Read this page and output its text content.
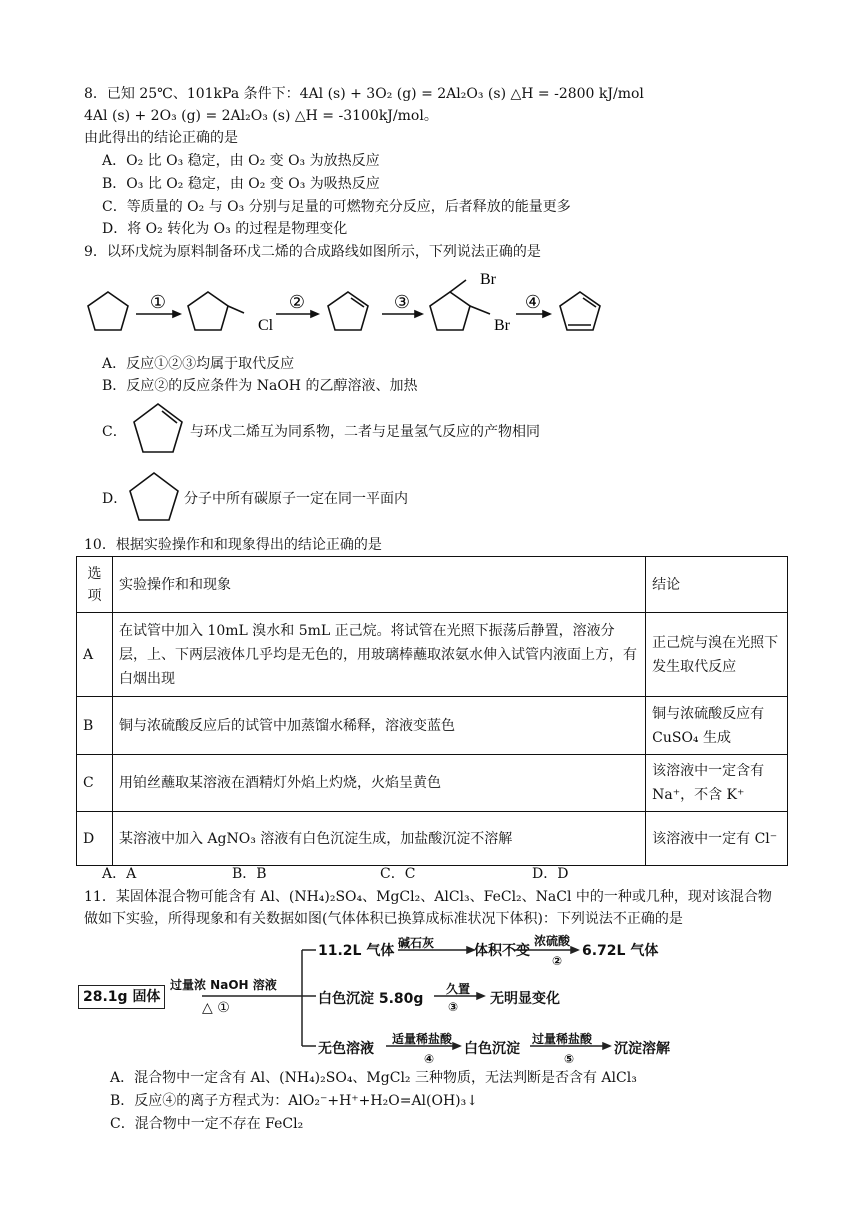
8．已知 25℃、101kPa 条件下：4Al (s) + 3O₂ (g) = 2Al₂O₃ (s) △H = -2800 kJ/mol
4Al (s) + 2O₃ (g) = 2Al₂O₃ (s) △H = -3100kJ/mol。
由此得出的结论正确的是
A．O₂ 比 O₃ 稳定，由 O₂ 变 O₃ 为放热反应
B．O₃ 比 O₂ 稳定，由 O₂ 变 O₃ 为吸热反应
C．等质量的 O₂ 与 O₃ 分别与足量的可燃物充分反应，后者释放的能量更多
D．将 O₂ 转化为 O₃ 的过程是物理变化
9．以环戊烷为原料制备环戊二烯的合成路线如图所示，下列说法正确的是
①	②	③	④
Cl
Br
Br
A．反应①②③均属于取代反应
B．反应②的反应条件为 NaOH 的乙醇溶液、加热
C．	与环戊二烯互为同系物，二者与足量氢气反应的产物相同
D．	分子中所有碳原子一定在同一平面内
10．根据实验操作和和现象得出的结论正确的是
选项	实验操作和和现象	结论
A	在试管中加入 10mL 溴水和 5mL 正己烷。将试管在光照下振荡后静置，溶液分层，上、下两层液体几乎均是无色的，用玻璃棒蘸取浓氨水伸入试管内液面上方，有白烟出现	正己烷与溴在光照下发生取代反应
B	铜与浓硫酸反应后的试管中加蒸馏水稀释，溶液变蓝色	铜与浓硫酸反应有 CuSO₄ 生成
C	用铂丝蘸取某溶液在酒精灯外焰上灼烧，火焰呈黄色	该溶液中一定含有 Na⁺，不含 K⁺
D	某溶液中加入 AgNO₃ 溶液有白色沉淀生成，加盐酸沉淀不溶解	该溶液中一定有 Cl⁻
A．A	B．B	C．C	D．D
11．某固体混合物可能含有 Al、(NH₄)₂SO₄、MgCl₂、AlCl₃、FeCl₂、NaCl 中的一种或几种，现对该混合物
做如下实验，所得现象和有关数据如图(气体体积已换算成标准状况下体积)：下列说法不正确的是
28.1g 固体
过量浓 NaOH 溶液
△ ①
11.2L 气体 碱石灰	体积不变
浓硫酸
②
6.72L 气体
白色沉淀 5.80g
久置
③ 无明显变化
无色溶液
适量稀盐酸
④
白色沉淀
过量稀盐酸
⑤
沉淀溶解
A．混合物中一定含有 Al、(NH₄)₂SO₄、MgCl₂ 三种物质，无法判断是否含有 AlCl₃
B．反应④的离子方程式为：AlO₂⁻+H⁺+H₂O=Al(OH)₃↓
C．混合物中一定不存在 FeCl₂
